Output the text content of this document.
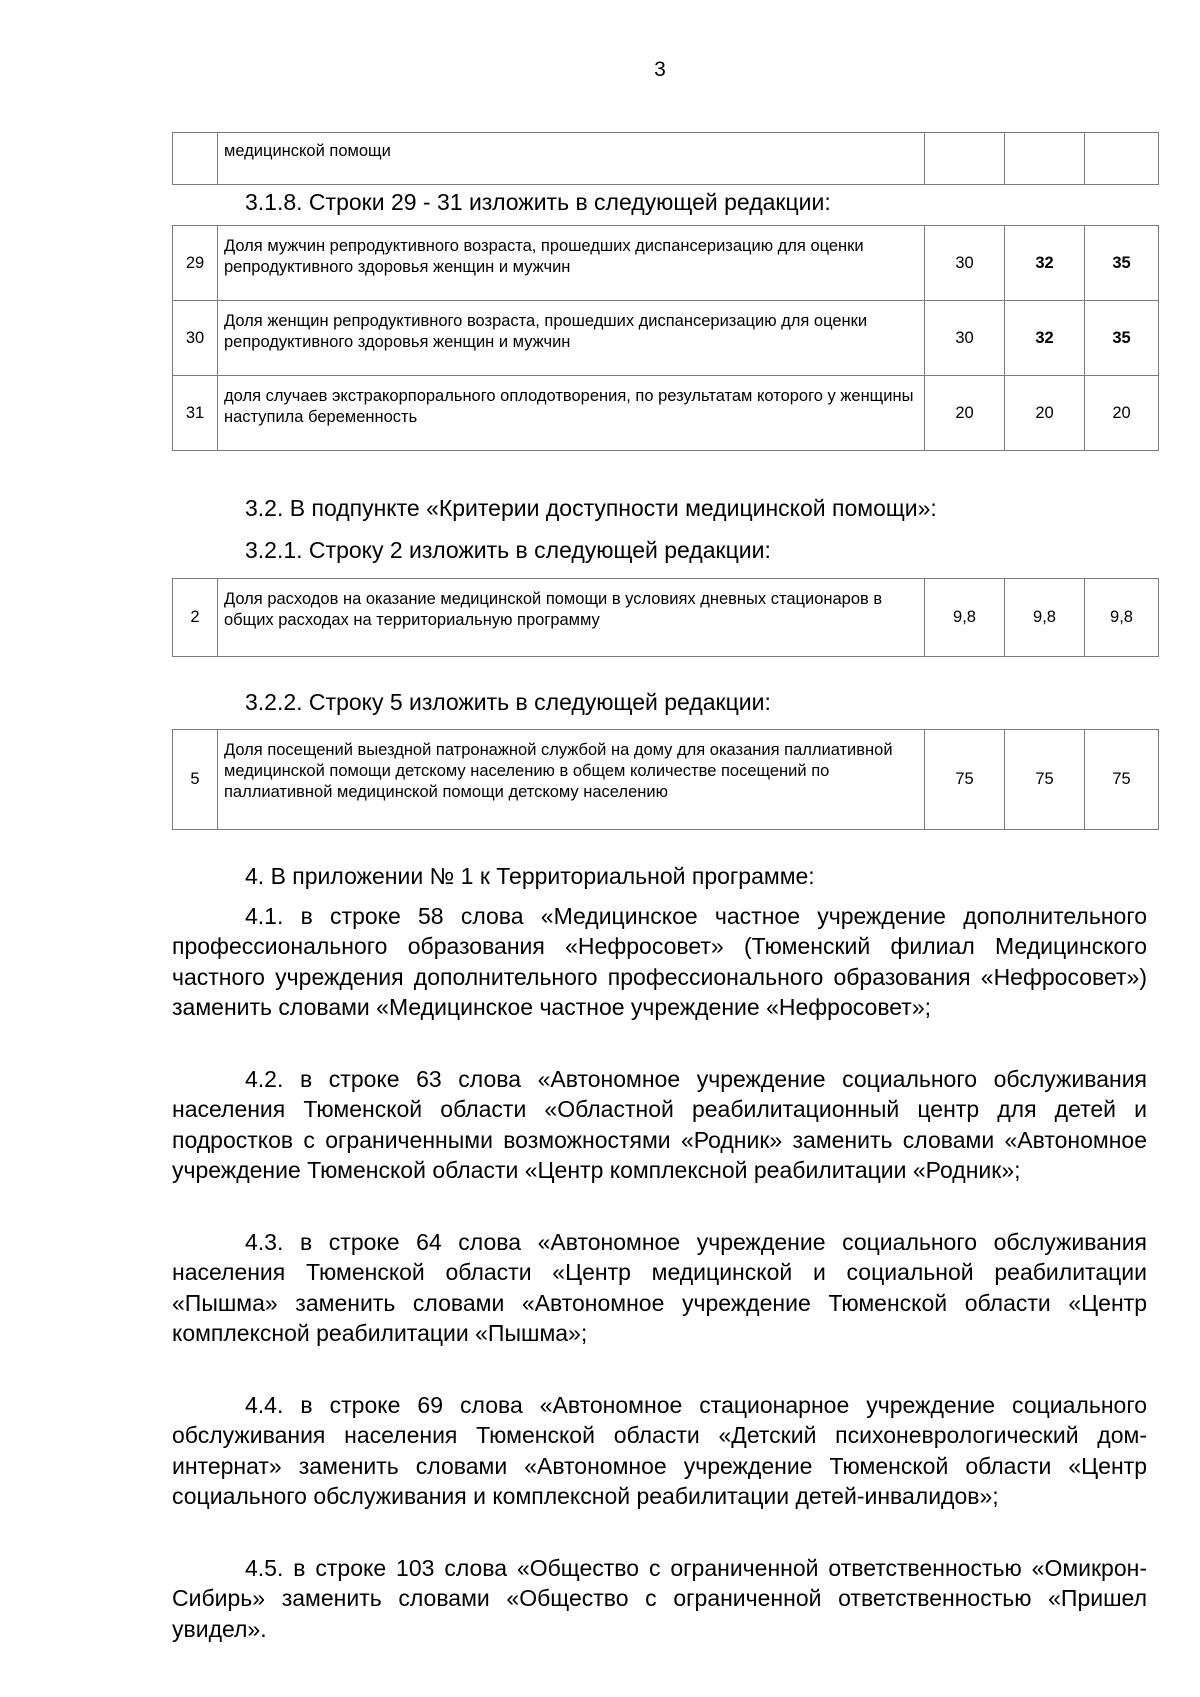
3
	медицинской помощи			
3.1.8. Строки 29 - 31 изложить в следующей редакции:
29	Доля мужчин репродуктивного возраста, прошедших диспансеризацию для оценки репродуктивного здоровья женщин и мужчин	30	32	35
30	Доля женщин репродуктивного возраста, прошедших диспансеризацию для оценки репродуктивного здоровья женщин и мужчин	30	32	35
31	доля случаев экстракорпорального оплодотворения, по результатам которого у женщины наступила беременность	20	20	20
3.2. В подпункте «Критерии доступности медицинской помощи»:
3.2.1. Строку 2 изложить в следующей редакции:
2	Доля расходов на оказание медицинской помощи в условиях дневных стационаров в общих расходах на территориальную программу	9,8	9,8	9,8
3.2.2. Строку 5 изложить в следующей редакции:
5	Доля посещений выездной патронажной службой на дому для оказания паллиативной медицинской помощи детскому населению в общем количестве посещений по паллиативной медицинской помощи детскому населению	75	75	75
4. В приложении № 1 к Территориальной программе:

4.1. в строке 58 слова «Медицинское частное учреждение дополнительного профессионального образования «Нефросовет» (Тюменский филиал Медицинского частного учреждения дополнительного профессионального образования «Нефросовет») заменить словами «Медицинское частное учреждение «Нефросовет»;

4.2. в строке 63 слова «Автономное учреждение социального обслуживания населения Тюменской области «Областной реабилитационный центр для детей и подростков с ограниченными возможностями «Родник» заменить словами «Автономное учреждение Тюменской области «Центр комплексной реабилитации «Родник»;

4.3. в строке 64 слова «Автономное учреждение социального обслуживания населения Тюменской области «Центр медицинской и социальной реабилитации «Пышма» заменить словами «Автономное учреждение Тюменской области «Центр комплексной реабилитации «Пышма»;

4.4. в строке 69 слова «Автономное стационарное учреждение социального обслуживания населения Тюменской области «Детский психоневрологический дом-интернат» заменить словами «Автономное учреждение Тюменской области «Центр социального обслуживания и комплексной реабилитации детей-инвалидов»;

4.5. в строке 103 слова «Общество с ограниченной ответственностью «Омикрон-Сибирь» заменить словами «Общество с ограниченной ответственностью «Пришел увидел».
